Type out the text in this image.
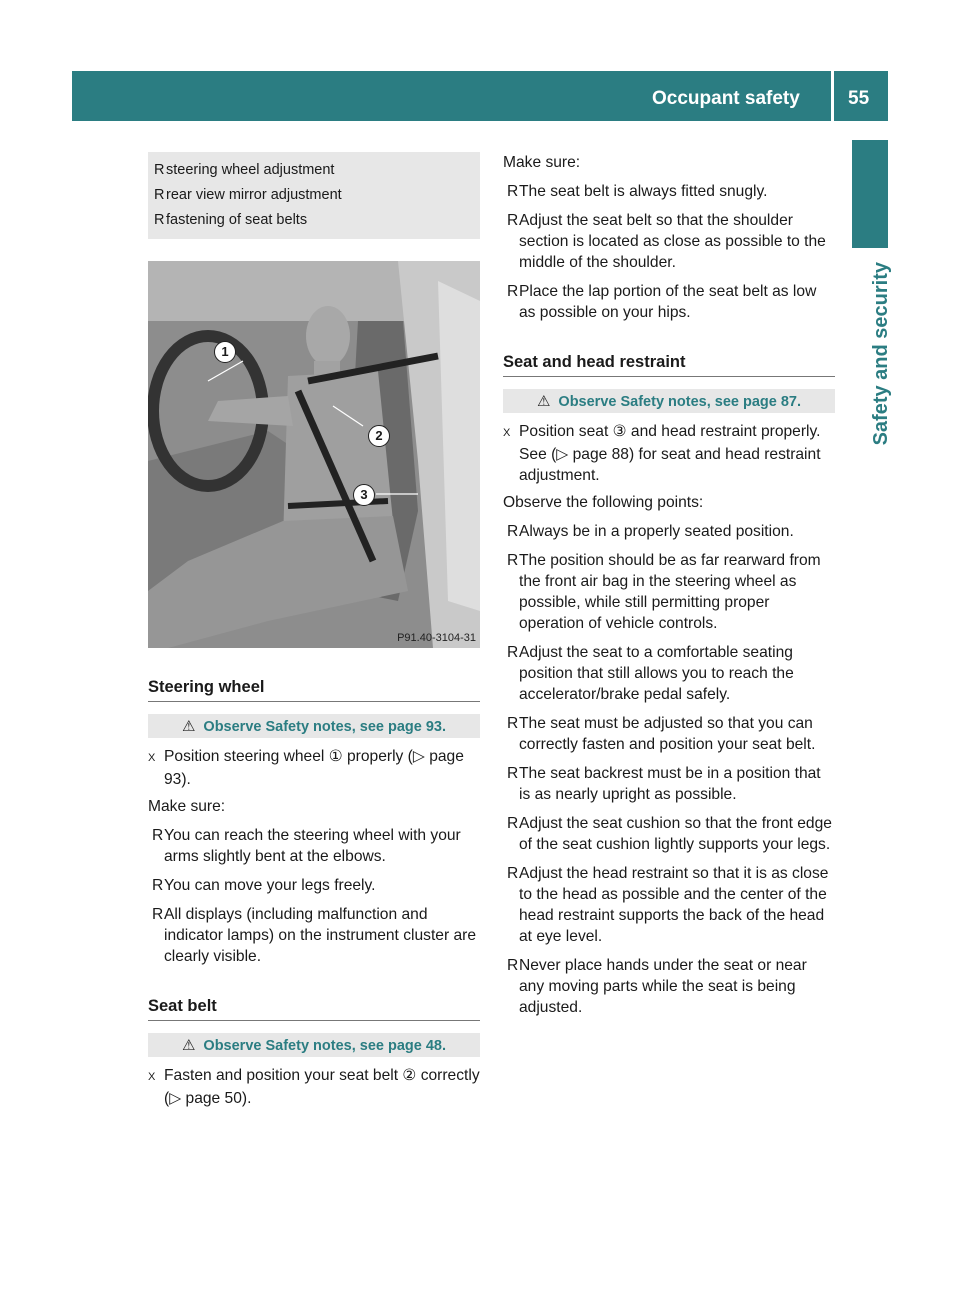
Occupant safety	55
Safety and security
R steering wheel adjustment
R rear view mirror adjustment
R fastening of seat belts
1
2
3
P91.40-3104-31
Steering wheel
⚠ Observe Safety notes, see page 93.
X Position steering wheel ① properly (▷ page 93).
Make sure:
RYou can reach the steering wheel with your arms slightly bent at the elbows.
RYou can move your legs freely.
RAll displays (including malfunction and indicator lamps) on the instrument cluster are clearly visible.
Seat belt
⚠ Observe Safety notes, see page 48.
X Fasten and position your seat belt ② correctly (▷ page 50).
Make sure:
RThe seat belt is always fitted snugly.
RAdjust the seat belt so that the shoulder section is located as close as possible to the middle of the shoulder.
RPlace the lap portion of the seat belt as low as possible on your hips.
Seat and head restraint
⚠ Observe Safety notes, see page 87.
X Position seat ③ and head restraint properly. See (▷ page 88) for seat and head restraint adjustment.
Observe the following points:
RAlways be in a properly seated position.
RThe position should be as far rearward from the front air bag in the steering wheel as possible, while still permitting proper operation of vehicle controls.
RAdjust the seat to a comfortable seating position that still allows you to reach the accelerator/brake pedal safely.
RThe seat must be adjusted so that you can correctly fasten and position your seat belt.
RThe seat backrest must be in a position that is as nearly upright as possible.
RAdjust the seat cushion so that the front edge of the seat cushion lightly supports your legs.
RAdjust the head restraint so that it is as close to the head as possible and the center of the head restraint supports the back of the head at eye level.
RNever place hands under the seat or near any moving parts while the seat is being adjusted.
